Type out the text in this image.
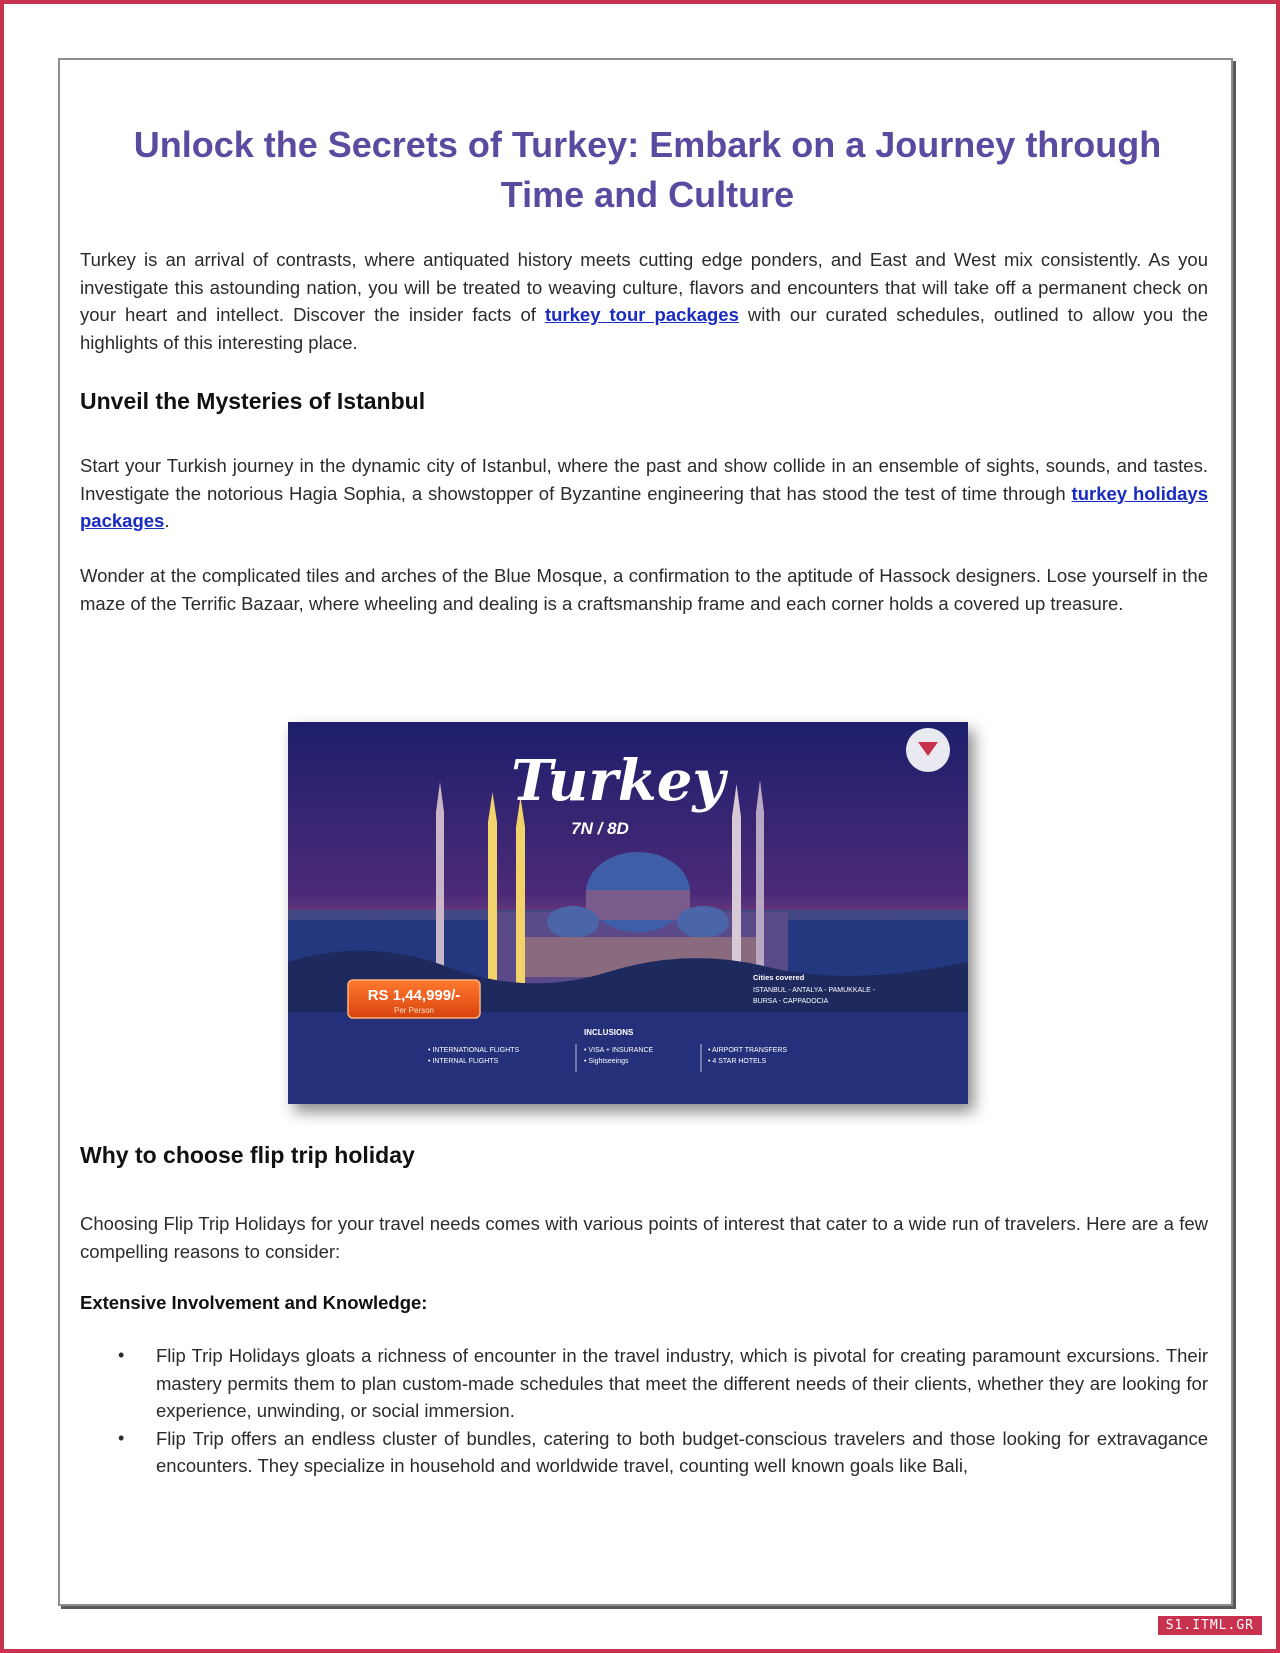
Unlock the Secrets of Turkey: Embark on a Journey through Time and Culture

Turkey is an arrival of contrasts, where antiquated history meets cutting edge ponders, and East and West mix consistently. As you investigate this astounding nation, you will be treated to weaving culture, flavors and encounters that will take off a permanent check on your heart and intellect. Discover the insider facts of turkey tour packages with our curated schedules, outlined to allow you the highlights of this interesting place.

Unveil the Mysteries of Istanbul

Start your Turkish journey in the dynamic city of Istanbul, where the past and show collide in an ensemble of sights, sounds, and tastes. Investigate the notorious Hagia Sophia, a showstopper of Byzantine engineering that has stood the test of time through turkey holidays packages.

Wonder at the complicated tiles and arches of the Blue Mosque, a confirmation to the aptitude of Hassock designers. Lose yourself in the maze of the Terrific Bazaar, where wheeling and dealing is a craftsmanship frame and each corner holds a covered up treasure.

Turkey
7N / 8D
RS 1,44,999/-
Per Person
Cities covered
ISTANBUL - ANTALYA - PAMUKKALE -
BURSA - CAPPADOCIA
INCLUSIONS
• INTERNATIONAL FLIGHTS
• INTERNAL FLIGHTS
• VISA + INSURANCE
• Sightseeings
• AIRPORT TRANSFERS
• 4 STAR HOTELS
Why to choose flip trip holiday

Choosing Flip Trip Holidays for your travel needs comes with various points of interest that cater to a wide run of travelers. Here are a few compelling reasons to consider:

Extensive Involvement and Knowledge:
• Flip Trip Holidays gloats a richness of encounter in the travel industry, which is pivotal for creating paramount excursions. Their mastery permits them to plan custom-made schedules that meet the different needs of their clients, whether they are looking for experience, unwinding, or social immersion.
• Flip Trip offers an endless cluster of bundles, catering to both budget-conscious travelers and those looking for extravagance encounters. They specialize in household and worldwide travel, counting well known goals like Bali,
S1.ITML.GR
